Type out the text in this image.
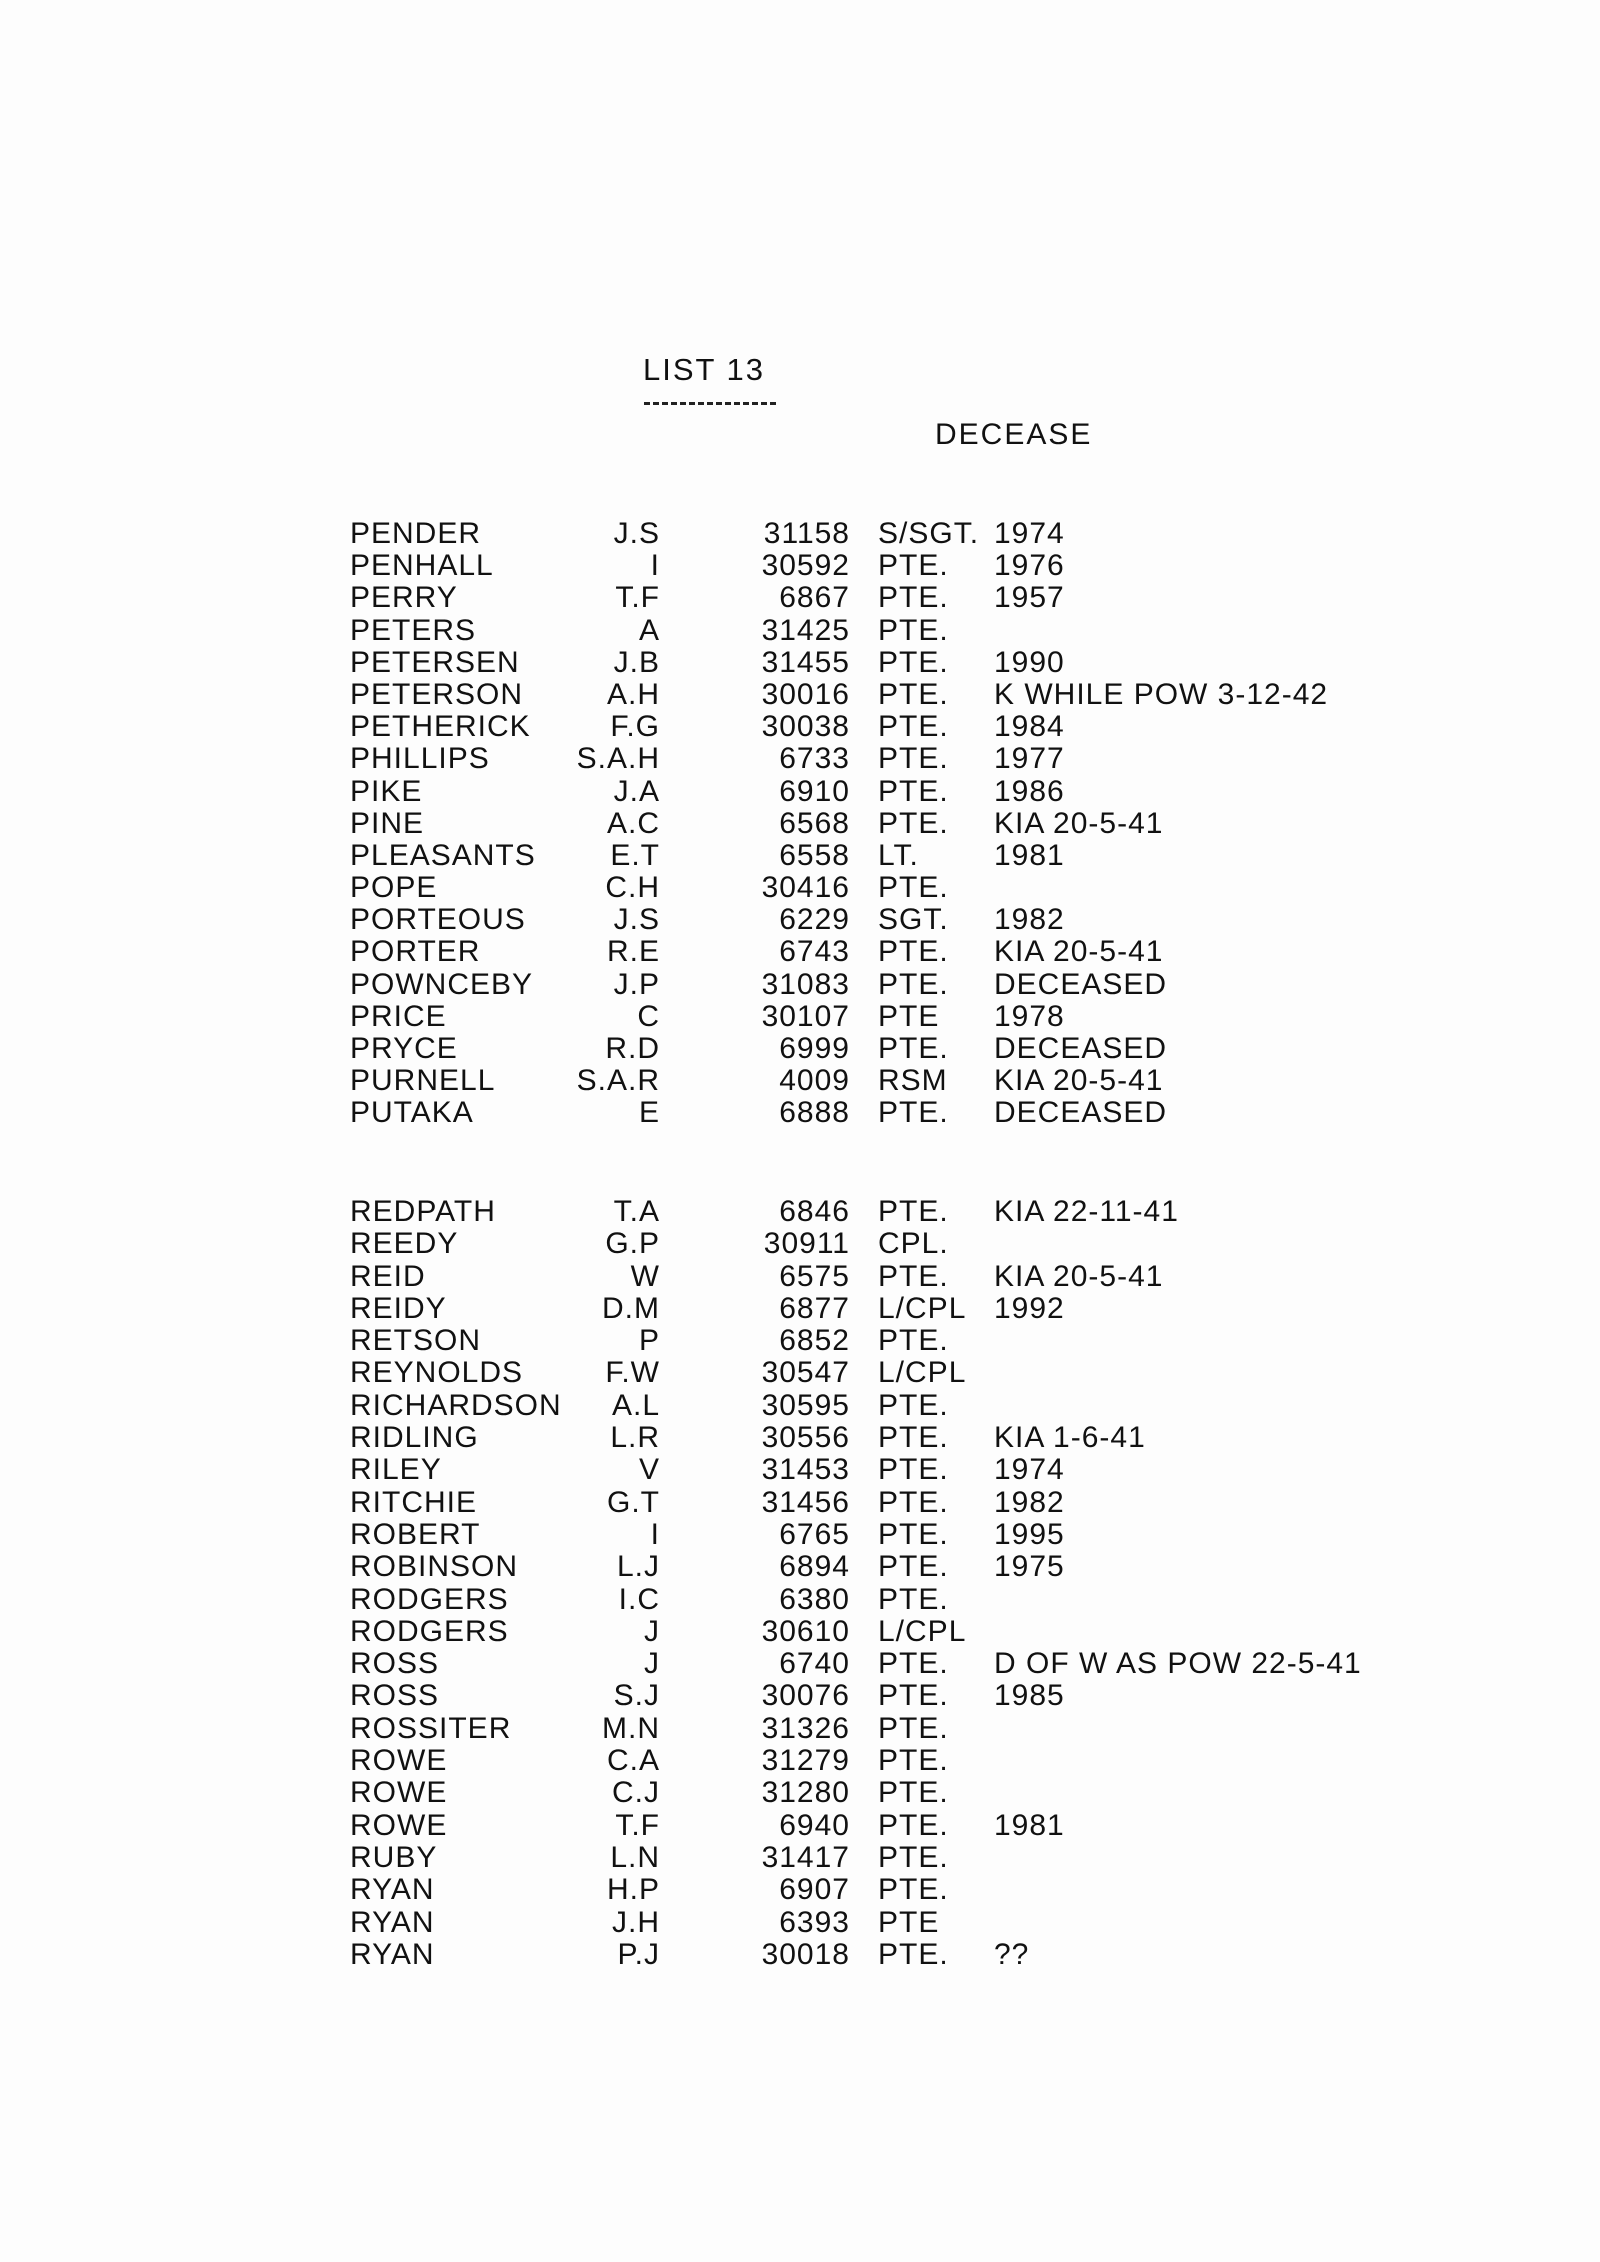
LIST 13
DECEASE
PENDER	J.S	31158 S/SGT. 1974
PENHALL	I	30592 PTE. 1976
PERRY	T.F	6867 PTE. 1957
PETERS	A	31425 PTE.
PETERSEN	J.B	31455 PTE. 1990
PETERSON	A.H	30016 PTE. K WHILE POW 3-12-42
PETHERICK	F.G	30038 PTE. 1984
PHILLIPS	S.A.H	6733 PTE. 1977
PIKE	J.A	6910 PTE. 1986
PINE	A.C	6568 PTE. KIA 20-5-41
PLEASANTS	E.T	6558 LT.	1981
POPE	C.H	30416 PTE.
PORTEOUS	J.S	6229 SGT. 1982
PORTER	R.E	6743 PTE. KIA 20-5-41
POWNCEBY	J.P	31083 PTE. DECEASED
PRICE	C	30107 PTE 1978
PRYCE	R.D	6999 PTE. DECEASED
PURNELL	S.A.R	4009 RSM KIA 20-5-41
PUTAKA	E	6888 PTE. DECEASED
REDPATH	T.A	6846 PTE. KIA 22-11-41
REEDY	G.P	30911 CPL.
REID	W	6575 PTE. KIA 20-5-41
REIDY	D.M	6877 L/CPL 1992
RETSON	P	6852 PTE.
REYNOLDS	F.W	30547 L/CPL
RICHARDSON	A.L	30595 PTE.
RIDLING	L.R	30556 PTE. KIA 1-6-41
RILEY	V	31453 PTE. 1974
RITCHIE	G.T	31456 PTE. 1982
ROBERT	I	6765 PTE. 1995
ROBINSON	L.J	6894 PTE. 1975
RODGERS	I.C	6380 PTE.
RODGERS	J	30610 L/CPL
ROSS	J	6740 PTE. D OF W AS POW 22-5-41
ROSS	S.J	30076 PTE. 1985
ROSSITER	M.N	31326 PTE.
ROWE	C.A	31279 PTE.
ROWE	C.J	31280 PTE.
ROWE	T.F	6940 PTE. 1981
RUBY	L.N	31417 PTE.
RYAN	H.P	6907 PTE.
RYAN	J.H	6393 PTE
RYAN	P.J	30018 PTE. ??
